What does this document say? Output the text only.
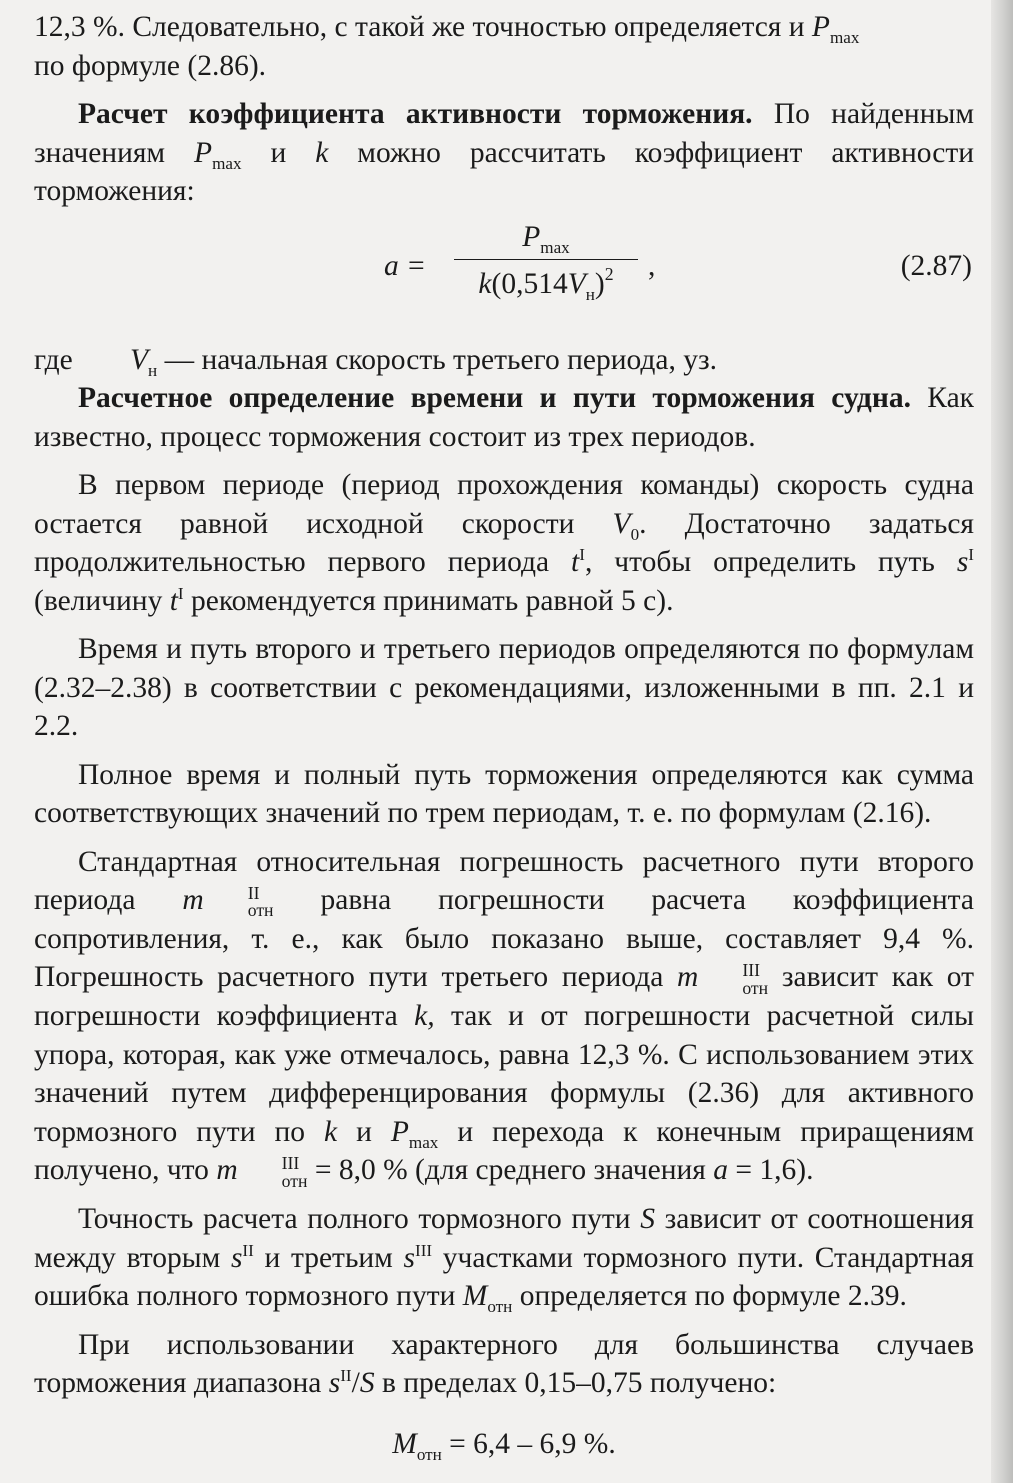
12,3 %. Следовательно, с такой же точностью определяется и $P_{max}$
по формуле (2.86).

Расчет коэффициента активности торможения. По найденным значениям $P_{max}$ и k можно рассчитать коэффициент активности торможения:

a =
$P_{max}$
$k(0,514V_н)^2$	,	(2.87)

где $V_н$ — начальная скорость третьего периода, уз.

Расчетное определение времени и пути торможения судна. Как известно, процесс торможения состоит из трех периодов.

В первом периоде (период прохождения команды) скорость судна остается равной исходной скорости $V_0$. Достаточно задаться продолжительностью первого периода $t^I$, чтобы определить путь $s^I$ (величину $t^I$ рекомендуется принимать равной 5 с).

Время и путь второго и третьего периодов определяются по формулам (2.32–2.38) в соответствии с рекомендациями, изложенными в пп. 2.1 и 2.2.

Полное время и полный путь торможения определяются как сумма соответствующих значений по трем периодам, т. е. по формулам (2.16).

Стандартная относительная погрешность расчетного пути второго периода m	II
отн равна погрешности расчета коэффициента сопротивления, т. е., как было показано выше, составляет 9,4 %. Погрешность расчетного пути третьего периода m	III
отн зависит как от погрешности коэффициента k, так и от погрешности расчетной силы упора, которая, как уже отмечалось, равна 12,3 %. С использованием этих значений путем дифференцирования формулы (2.36) для активного тормозного пути по k и $P_{max}$ и перехода к конечным приращениям получено, что m	III
отн = 8,0 % (для среднего значения a = 1,6).

Точность расчета полного тормозного пути S зависит от соотношения между вторым $s^{II}$ и третьим $s^{III}$ участками тормозного пути. Стандартная ошибка полного тормозного пути $M_{отн}$ определяется по формуле 2.39.

При использовании характерного для большинства случаев торможения диапазона $s^{II}/S$ в пределах 0,15–0,75 получено:

$M_{отн} = 6,4 - 6,9$ %.
